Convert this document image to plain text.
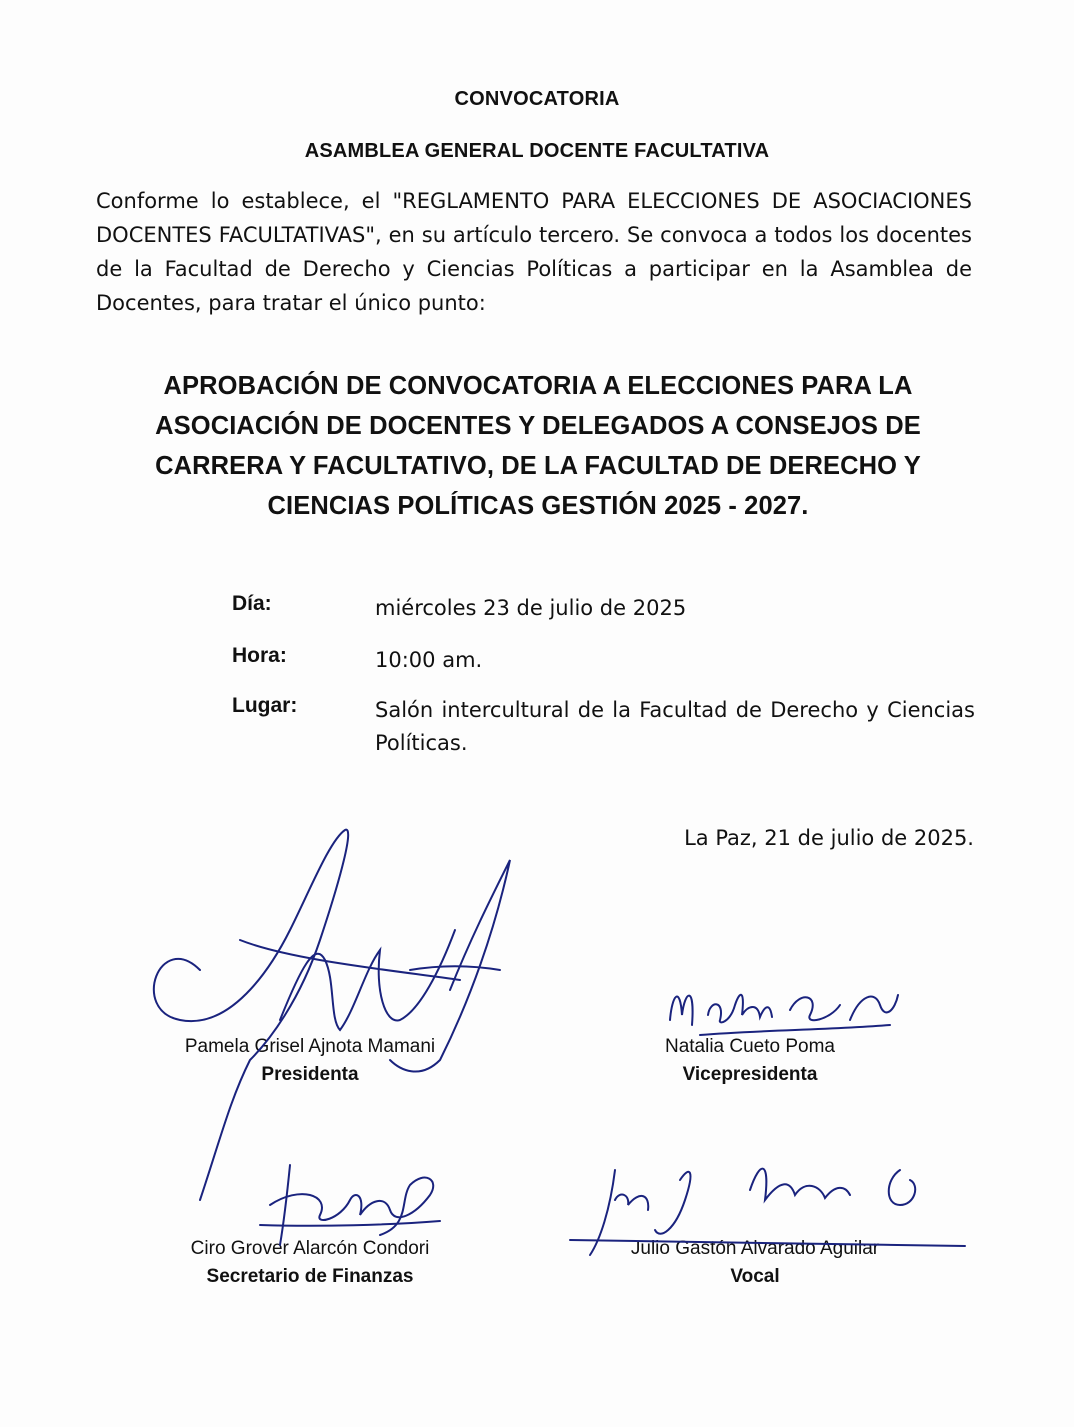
CONVOCATORIA
ASAMBLEA GENERAL DOCENTE FACULTATIVA
Conforme lo establece, el "REGLAMENTO PARA ELECCIONES DE ASOCIACIONES DOCENTES FACULTATIVAS", en su artículo tercero. Se convoca a todos los docentes de la Facultad de Derecho y Ciencias Políticas a participar en la Asamblea de Docentes, para tratar el único punto:
APROBACIÓN DE CONVOCATORIA A ELECCIONES PARA LA ASOCIACIÓN DE DOCENTES Y DELEGADOS A CONSEJOS DE CARRERA Y FACULTATIVO, DE LA FACULTAD DE DERECHO Y CIENCIAS POLÍTICAS GESTIÓN 2025 - 2027.
Día:	miércoles 23 de julio de 2025
Hora:	10:00 am.
Lugar:	Salón intercultural de la Facultad de Derecho y Ciencias Políticas.
La Paz, 21 de julio de 2025.
Pamela Grisel Ajnota Mamani
Presidenta
Natalia Cueto Poma
Vicepresidenta
Ciro Grover Alarcón Condori
Secretario de Finanzas
Julio Gastón Alvarado Aguilar
Vocal
